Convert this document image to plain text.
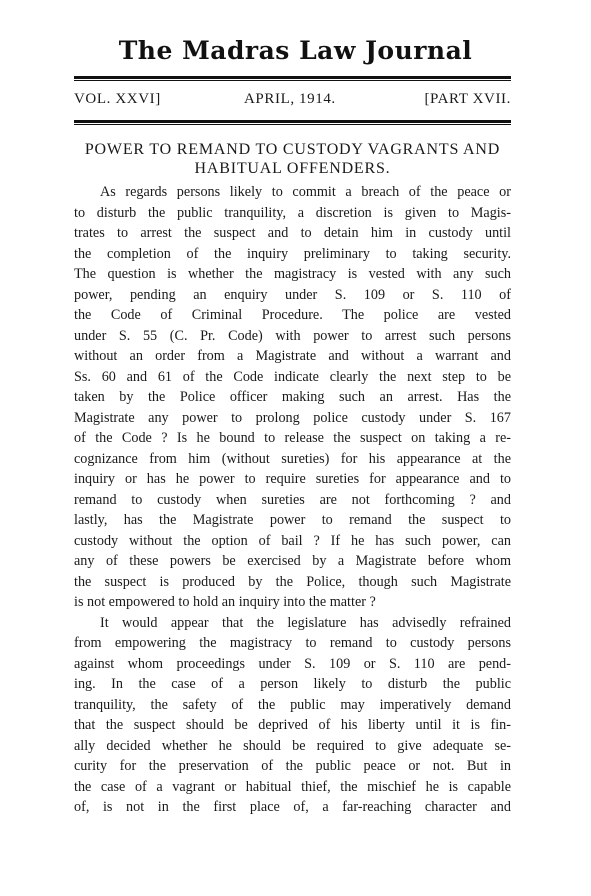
The Madras Law Journal
VOL. XXVI]	APRIL, 1914.	[PART XVII.
POWER TO REMAND TO CUSTODY VAGRANTS AND
HABITUAL OFFENDERS.
As regards persons likely to commit a breach of the peace or
to disturb the public tranquility, a discretion is given to Magis-
trates to arrest the suspect and to detain him in custody until
the completion of the inquiry preliminary to taking security.
The question is whether the magistracy is vested with any such
power, pending an enquiry under S. 109 or S. 110 of
the Code of Criminal Procedure. The police are vested
under S. 55 (C. Pr. Code) with power to arrest such persons
without an order from a Magistrate and without a warrant and
Ss. 60 and 61 of the Code indicate clearly the next step to be
taken by the Police officer making such an arrest. Has the
Magistrate any power to prolong police custody under S. 167
of the Code ? Is he bound to release the suspect on taking a re-
cognizance from him (without sureties) for his appearance at the
inquiry or has he power to require sureties for appearance and to
remand to custody when sureties are not forthcoming ? and
lastly, has the Magistrate power to remand the suspect to
custody without the option of bail ? If he has such power, can
any of these powers be exercised by a Magistrate before whom
the suspect is produced by the Police, though such Magistrate
is not empowered to hold an inquiry into the matter ?
It would appear that the legislature has advisedly refrained
from empowering the magistracy to remand to custody persons
against whom proceedings under S. 109 or S. 110 are pend-
ing. In the case of a person likely to disturb the public
tranquility, the safety of the public may imperatively demand
that the suspect should be deprived of his liberty until it is fin-
ally decided whether he should be required to give adequate se-
curity for the preservation of the public peace or not. But in
the case of a vagrant or habitual thief, the mischief he is capable
of, is not in the first place of, a far-reaching character and
